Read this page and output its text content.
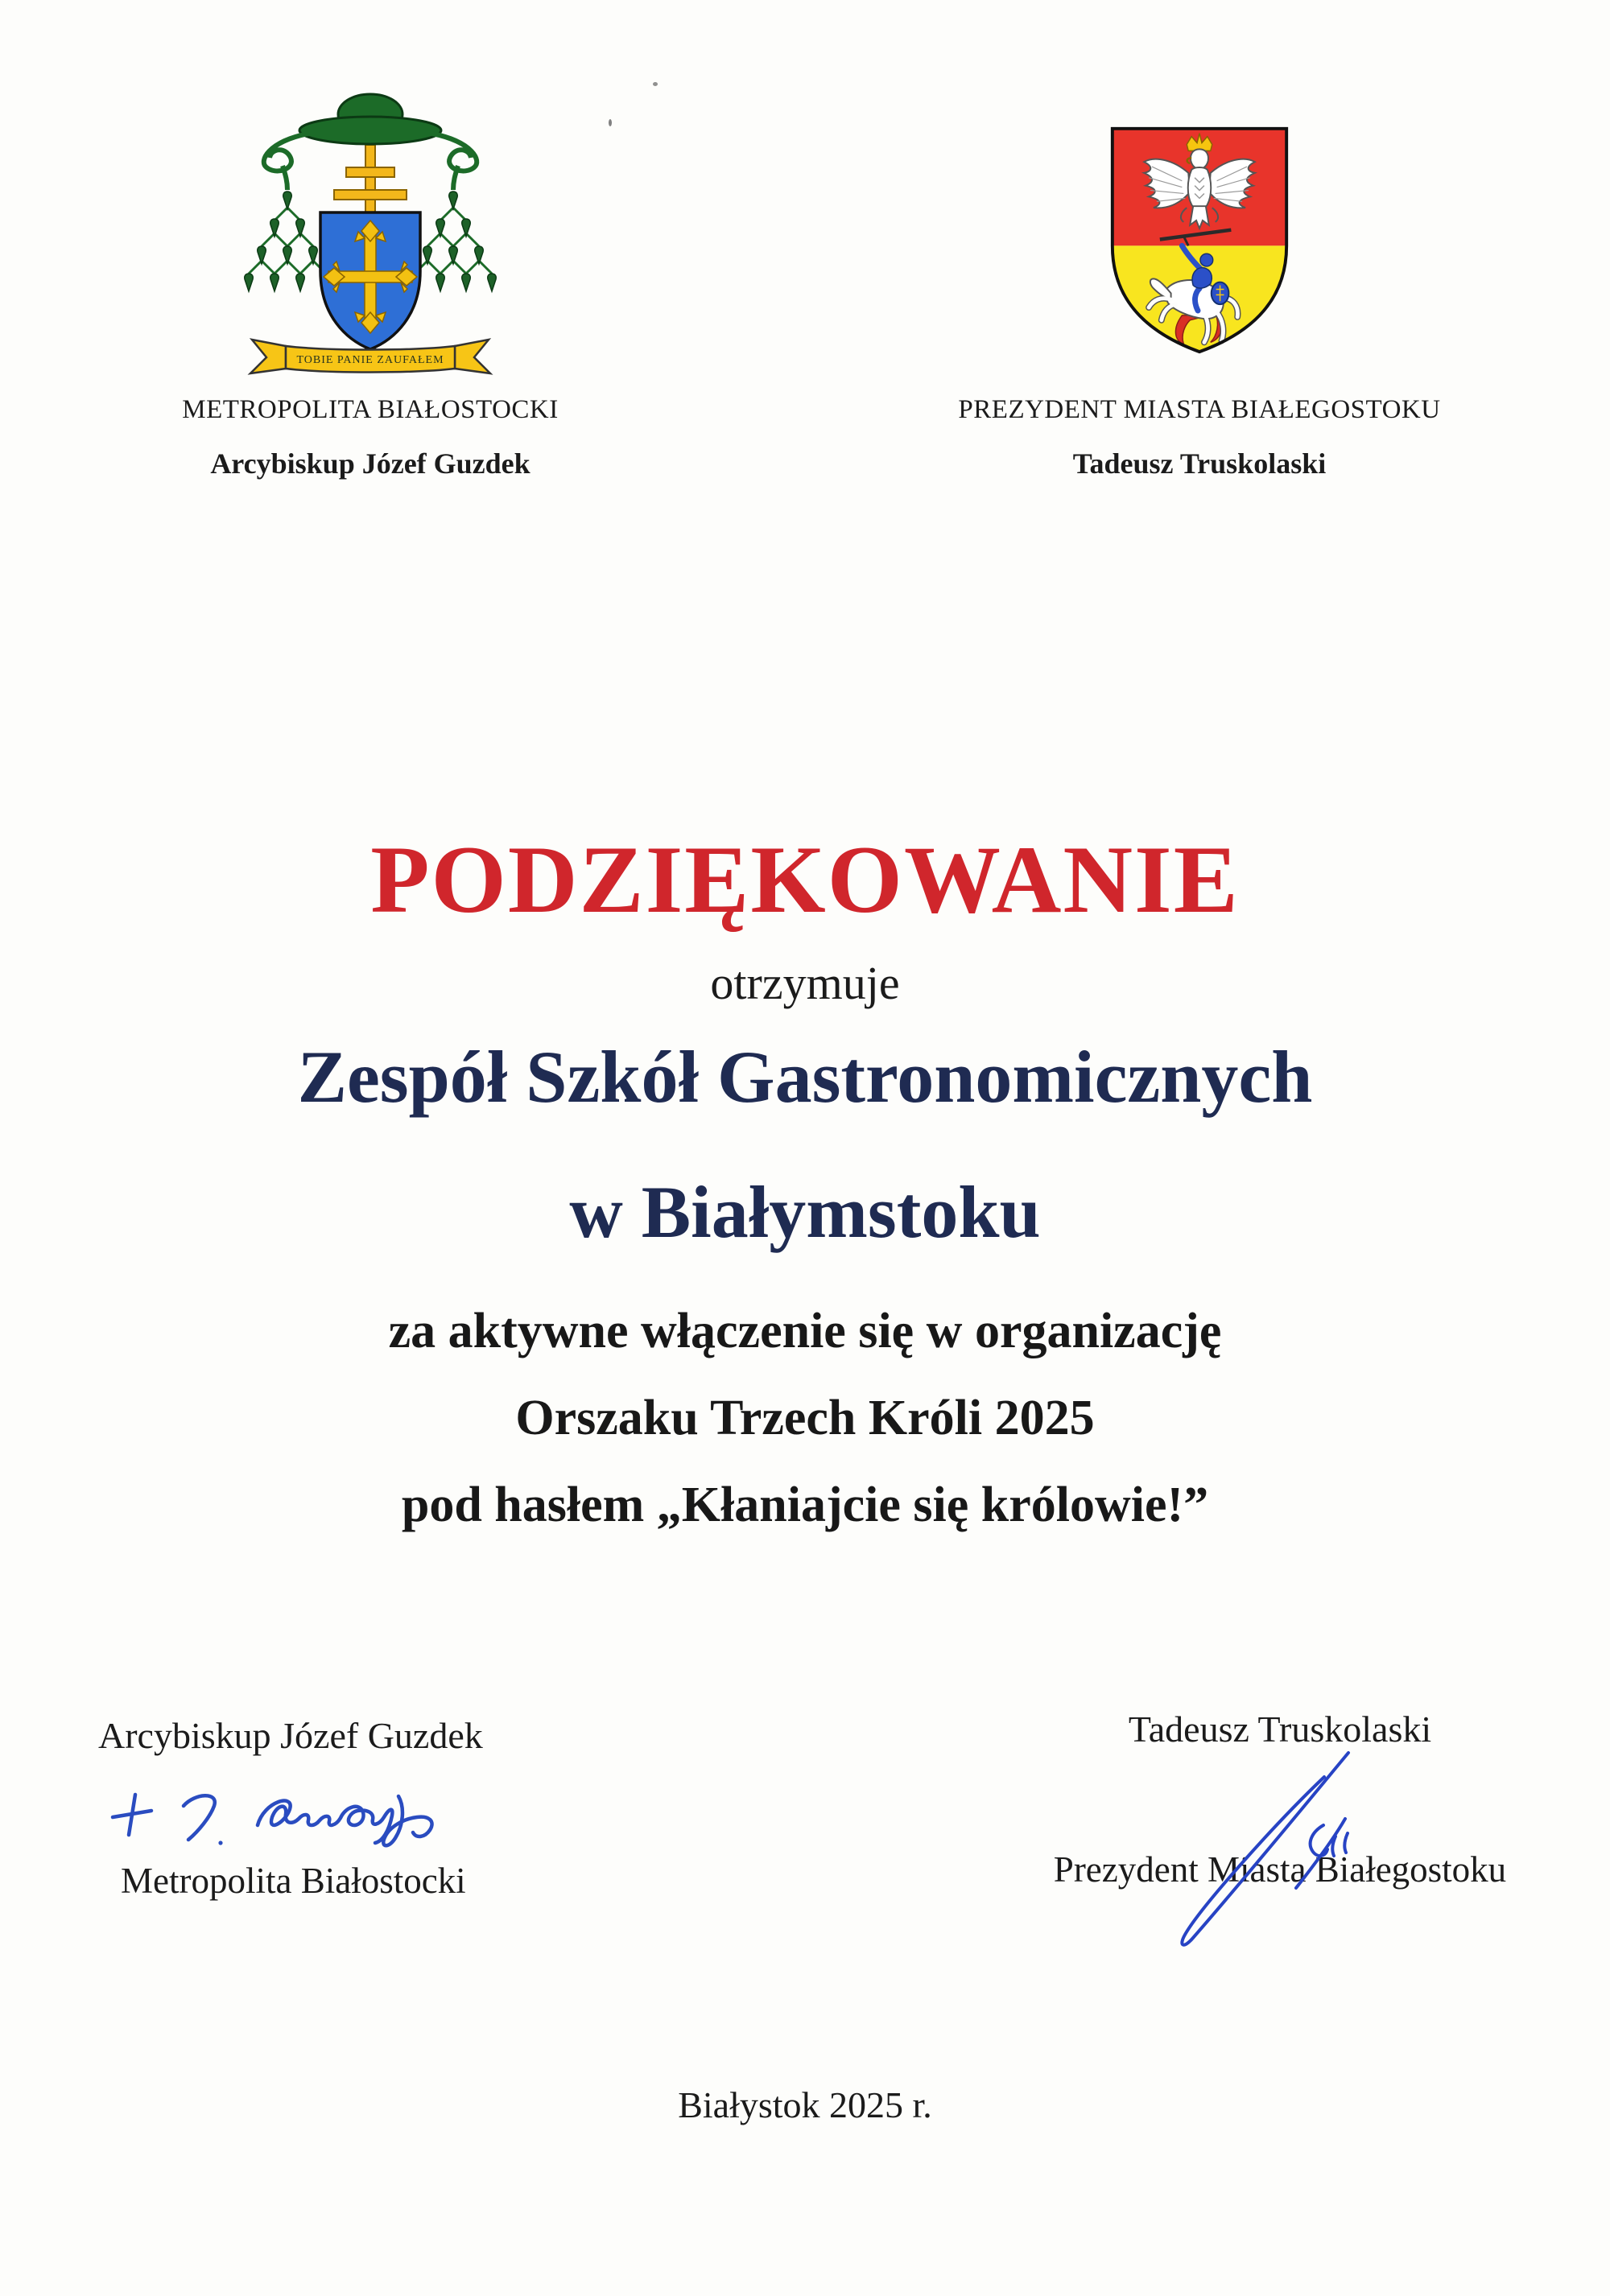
TOBIE PANIE ZAUFAŁEM
METROPOLITA BIAŁOSTOCKI
Arcybiskup Józef Guzdek
PREZYDENT MIASTA BIAŁEGOSTOKU
Tadeusz Truskolaski
PODZIĘKOWANIE
otrzymuje
Zespół Szkół Gastronomicznych
w Białymstoku
za aktywne włączenie się w organizację
Orszaku Trzech Króli 2025
pod hasłem „Kłaniajcie się królowie!”
Arcybiskup Józef Guzdek
Metropolita Białostocki
Tadeusz Truskolaski
Prezydent Miasta Białegostoku
Białystok 2025 r.
